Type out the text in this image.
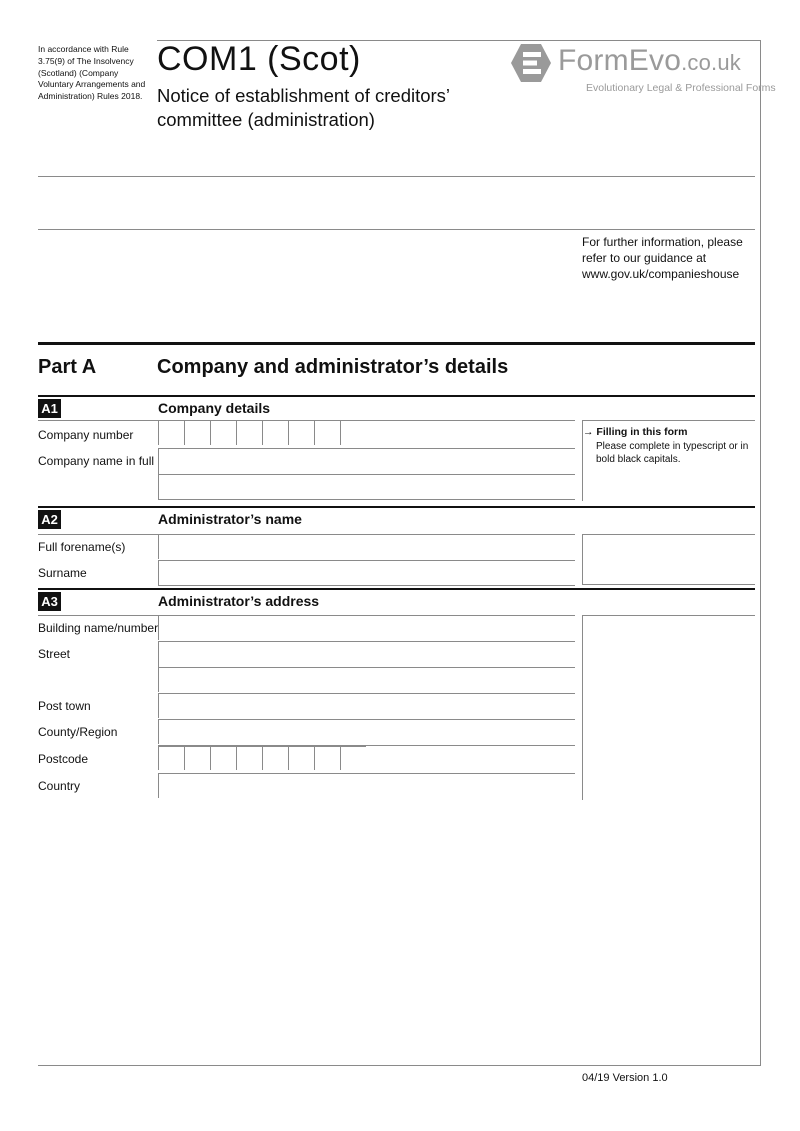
In accordance with Rule 3.75(9) of The Insolvency (Scotland) (Company Voluntary Arrangements and Administration) Rules 2018.
COM1 (Scot)
Notice of establishment of creditors’ committee (administration)
FormEvo.co.uk
Evolutionary Legal & Professional Forms
For further information, please refer to our guidance at www.gov.uk/companieshouse
Part A	Company and administrator’s details
A1	Company details
Company number
Company name in full
→ Filling in this form
Please complete in typescript or in bold black capitals.
A2	Administrator’s name
Full forename(s)
Surname
A3	Administrator’s address
Building name/number
Street
Post town
County/Region
Postcode
Country
04/19 Version 1.0
